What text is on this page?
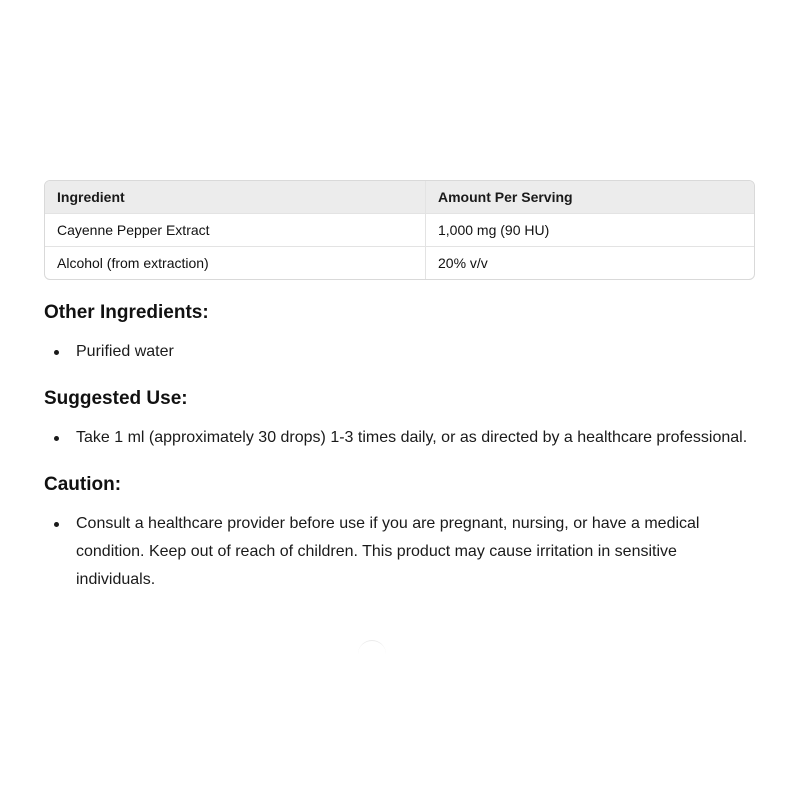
Ingredient	Amount Per Serving
Cayenne Pepper Extract	1,000 mg (90 HU)
Alcohol (from extraction)	20% v/v
Other Ingredients:
Purified water
Suggested Use:
Take 1 ml (approximately 30 drops) 1-3 times daily, or as directed by a healthcare professional.
Caution:
Consult a healthcare provider before use if you are pregnant, nursing, or have a medical condition. Keep out of reach of children. This product may cause irritation in sensitive individuals.
